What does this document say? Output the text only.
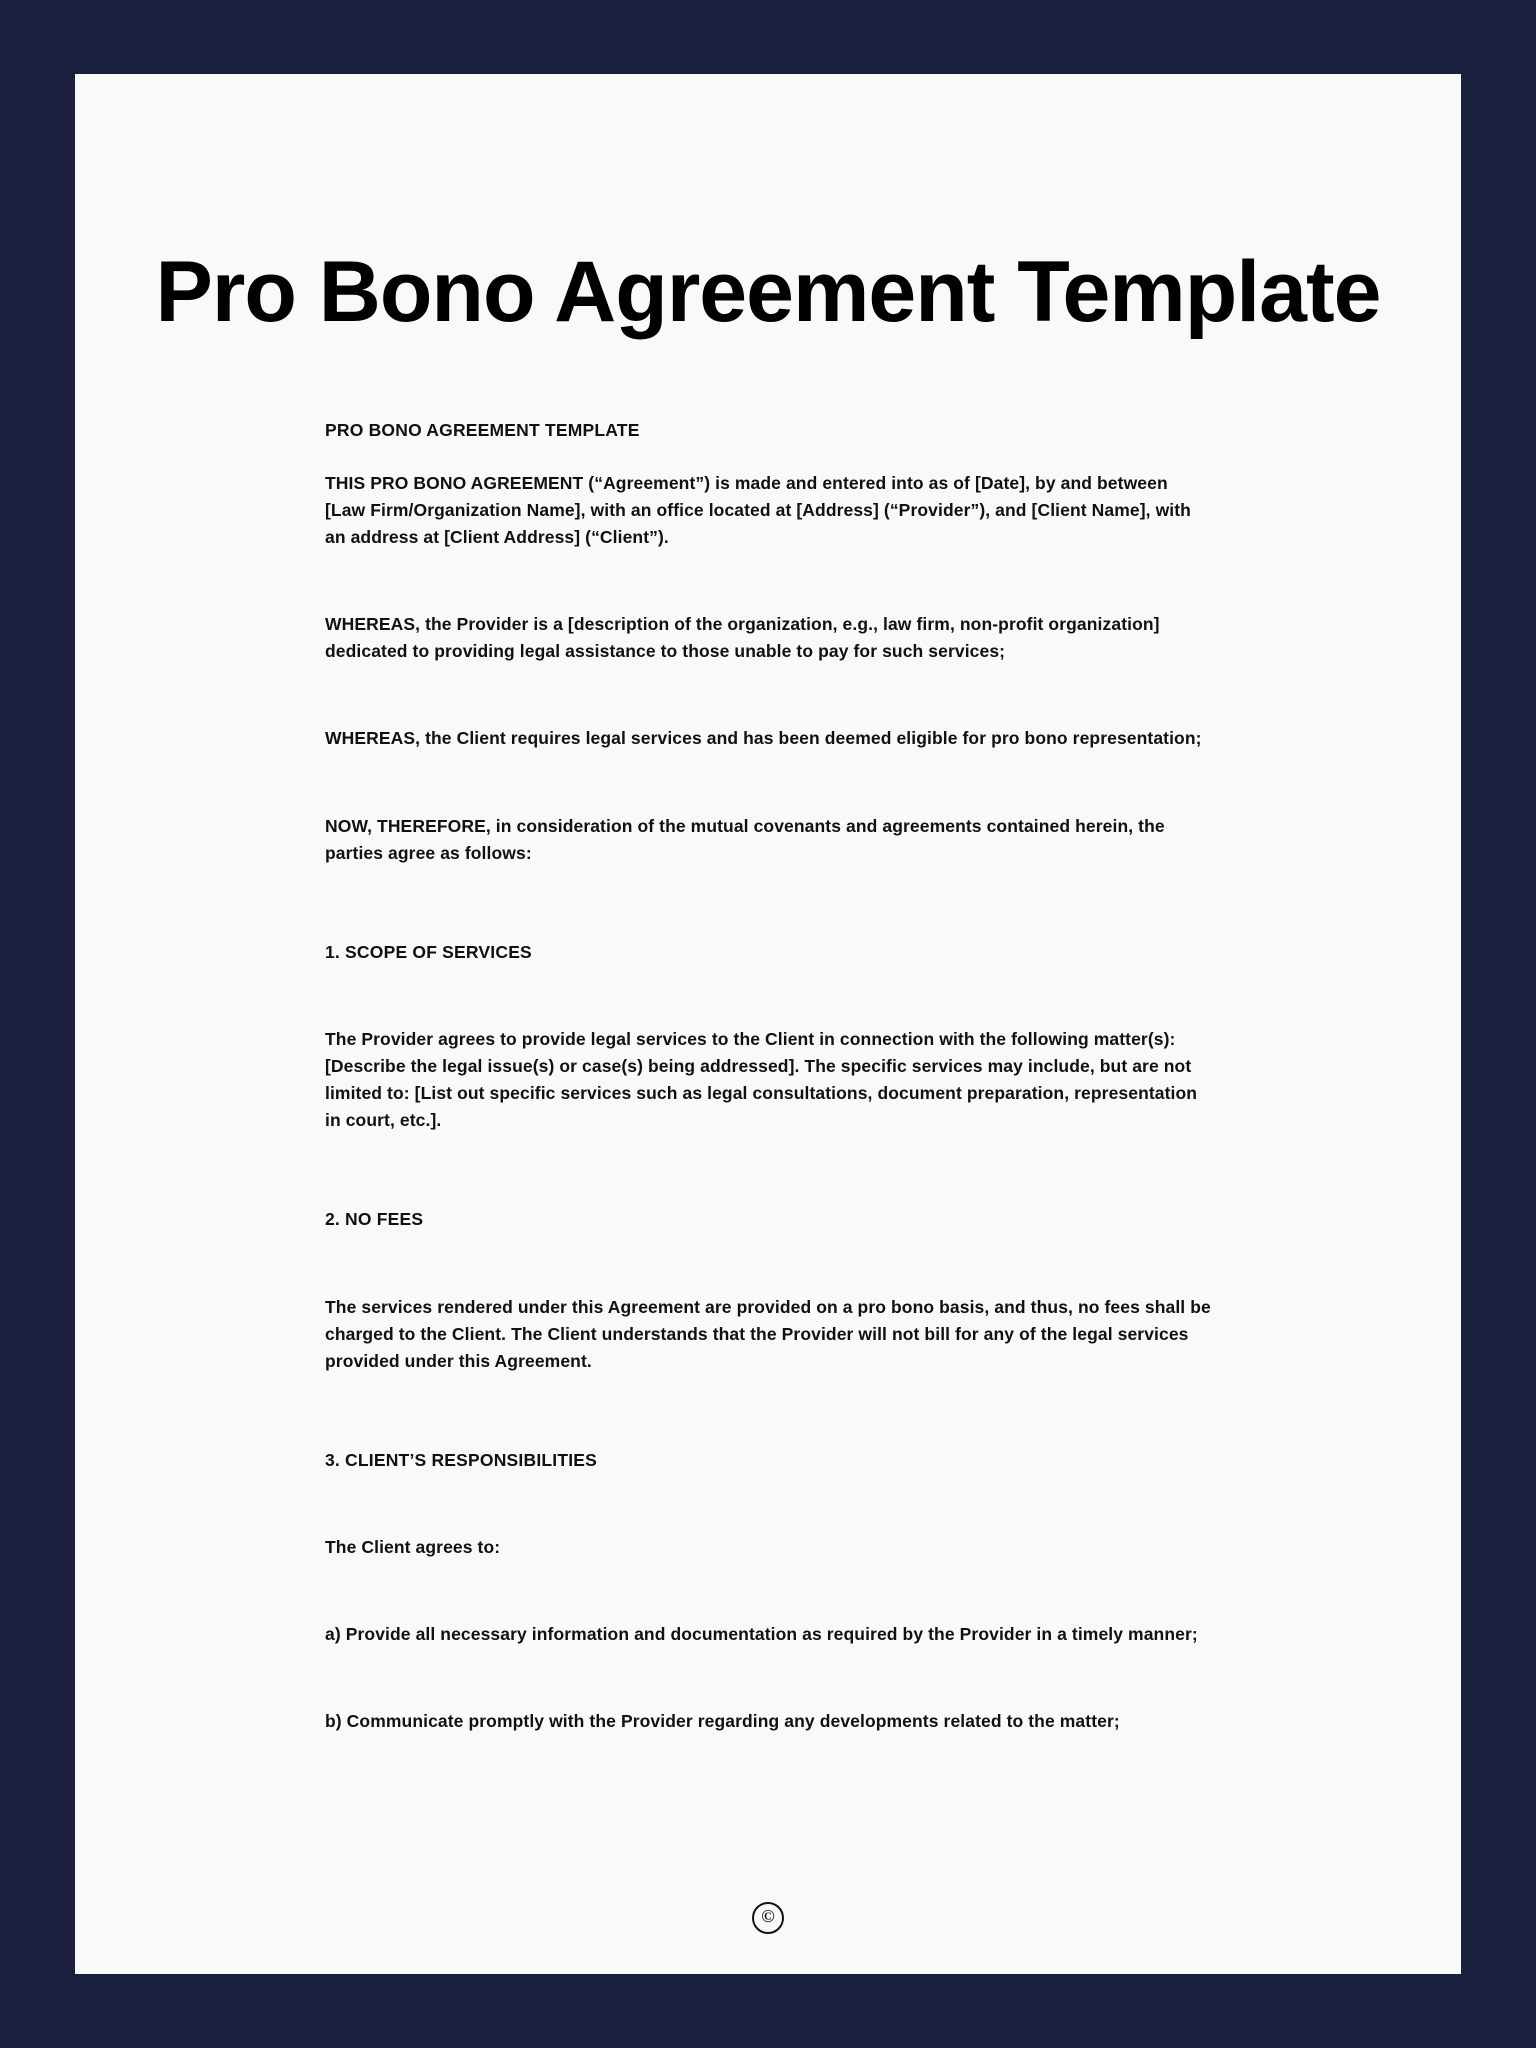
Pro Bono Agreement Template

PRO BONO AGREEMENT TEMPLATE

THIS PRO BONO AGREEMENT (“Agreement”) is made and entered into as of [Date], by and between [Law Firm/Organization Name], with an office located at [Address] (“Provider”), and [Client Name], with an address at [Client Address] (“Client”).

WHEREAS, the Provider is a [description of the organization, e.g., law firm, non-profit organization] dedicated to providing legal assistance to those unable to pay for such services;

WHEREAS, the Client requires legal services and has been deemed eligible for pro bono representation;

NOW, THEREFORE, in consideration of the mutual covenants and agreements contained herein, the parties agree as follows:

1. SCOPE OF SERVICES

The Provider agrees to provide legal services to the Client in connection with the following matter(s): [Describe the legal issue(s) or case(s) being addressed]. The specific services may include, but are not limited to: [List out specific services such as legal consultations, document preparation, representation in court, etc.].

2. NO FEES

The services rendered under this Agreement are provided on a pro bono basis, and thus, no fees shall be charged to the Client. The Client understands that the Provider will not bill for any of the legal services provided under this Agreement.

3. CLIENT’S RESPONSIBILITIES

The Client agrees to:

a) Provide all necessary information and documentation as required by the Provider in a timely manner;

b) Communicate promptly with the Provider regarding any developments related to the matter;

©
